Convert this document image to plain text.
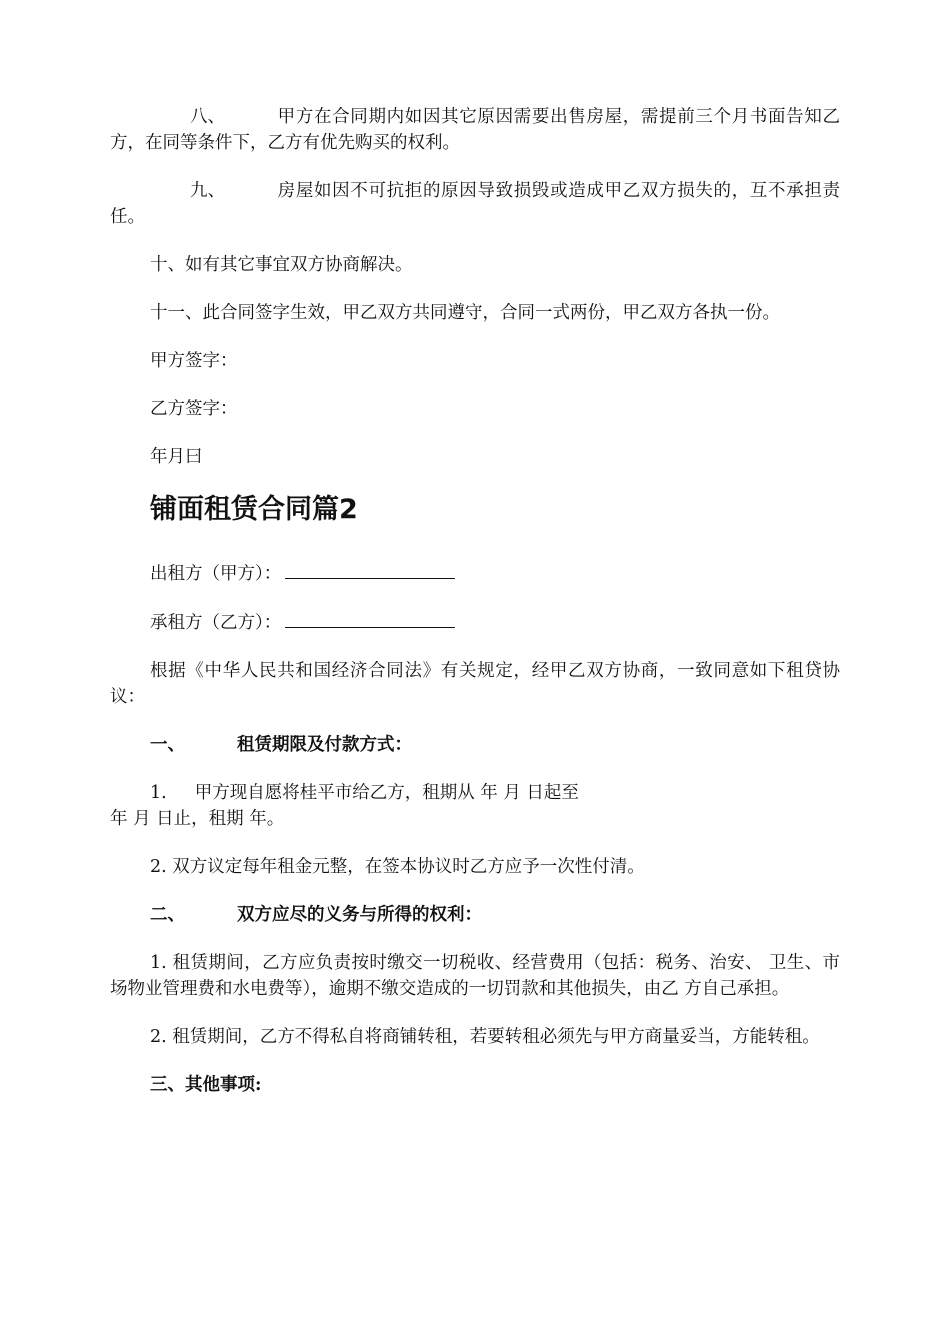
八、	甲方在合同期内如因其它原因需要出售房屋，需提前三个月书面告知乙 方，在同等条件下，乙方有优先购买的权利。

九、	房屋如因不可抗拒的原因导致损毁或造成甲乙双方损失的，互不承担责 任。

十、如有其它事宜双方协商解决。

十一、此合同签字生效，甲乙双方共同遵守，合同一式两份，甲乙双方各执一份。

甲方签字：

乙方签字：

年月曰

铺面租赁合同篇2

出租方（甲方）：

承租方（乙方）：

根据《中华人民共和国经济合同法》有关规定，经甲乙双方协商，一致同意如下租贷协议：

一、	租赁期限及付款方式：

1. 甲方现自愿将桂平市给乙方，租期从 年 月 日起至
年 月 日止，租期 年。

2. 双方议定每年租金元整，在签本协议时乙方应予一次性付清。

二、	双方应尽的义务与所得的权利：

1. 租赁期间，乙方应负责按时缴交一切税收、经营费用（包括：税务、治安、 卫生、市场物业管理费和水电费等），逾期不缴交造成的一切罚款和其他损失，由乙 方自己承担。

2. 租赁期间，乙方不得私自将商铺转租，若要转租必须先与甲方商量妥当，方能转租。

三、其他事项:
